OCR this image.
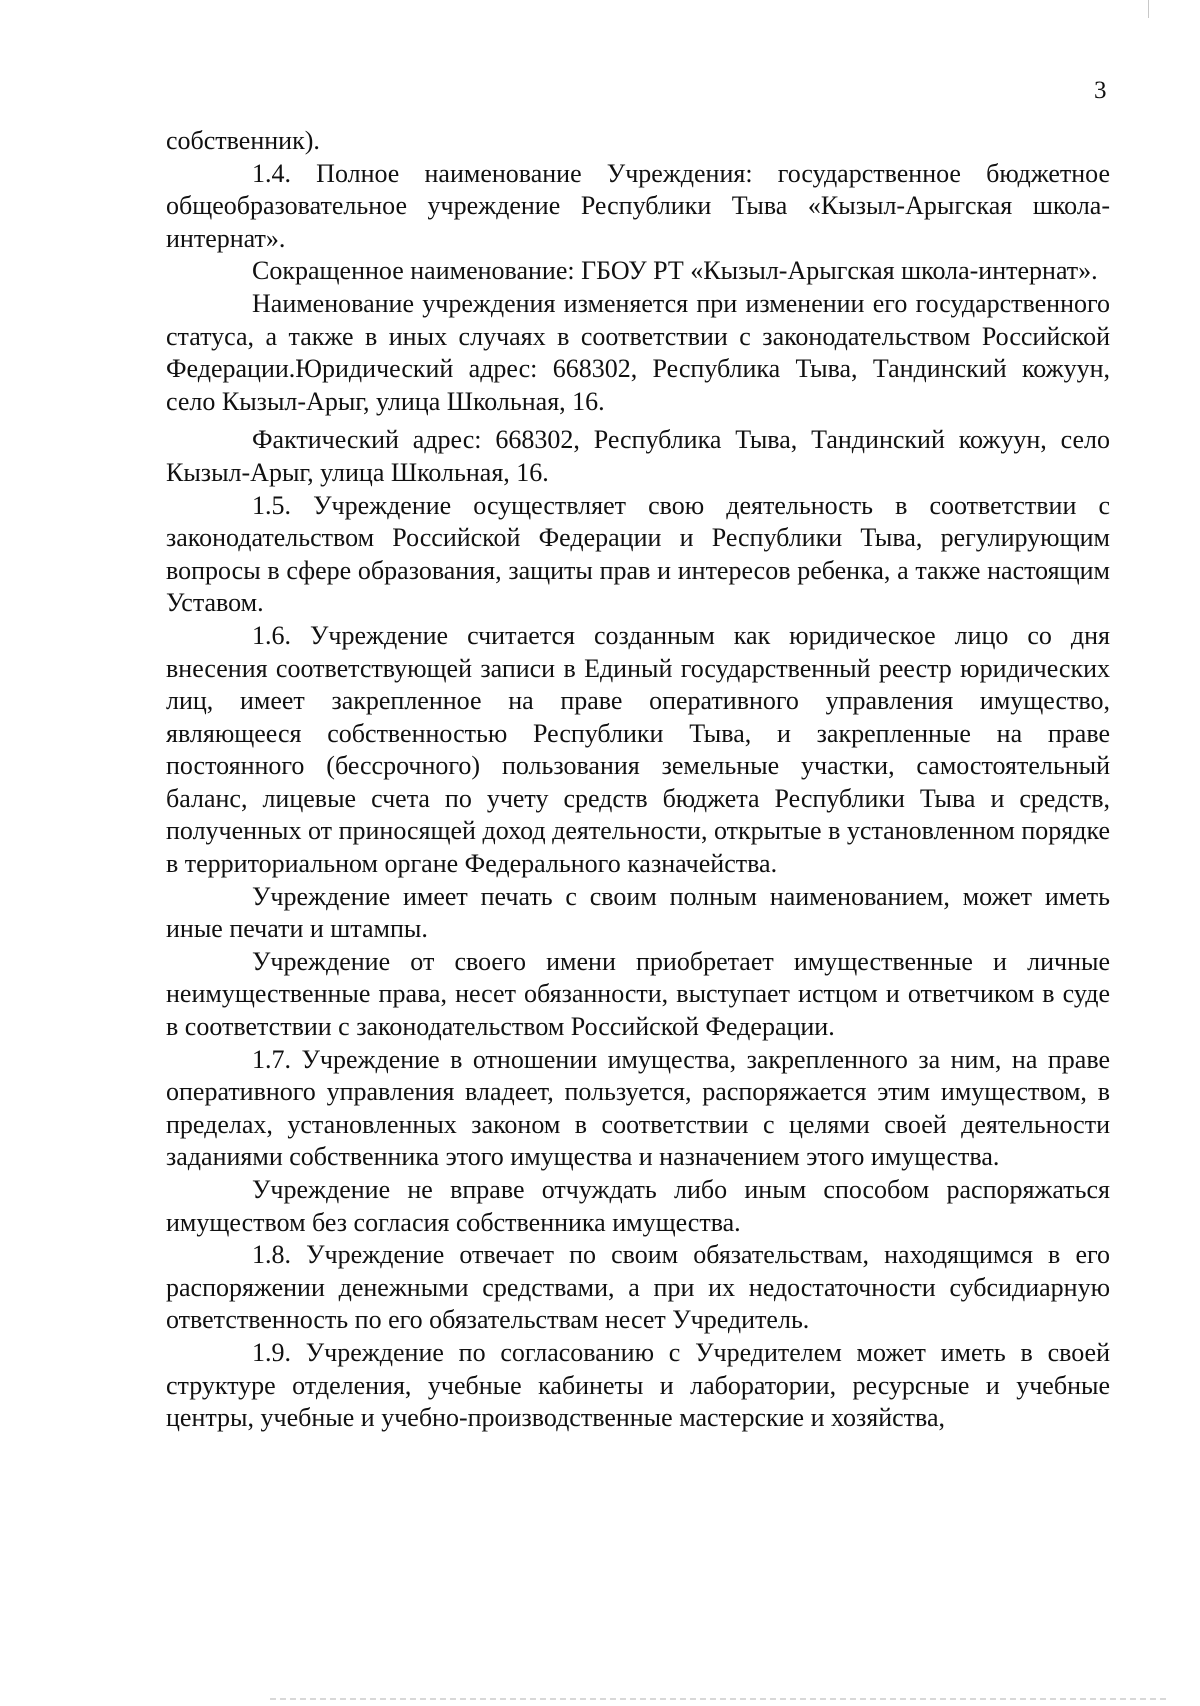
3

собственник).

1.4. Полное наименование Учреждения: государственное бюджетное общеобразовательное учреждение Республики Тыва «Кызыл-Арыгская школа-интернат».

Сокращенное наименование: ГБОУ РТ «Кызыл-Арыгская школа-интернат».

Наименование учреждения изменяется при изменении его государственного статуса, а также в иных случаях в соответствии с законодательством Российской Федерации.Юридический адрес: 668302, Республика Тыва, Тандинский кожуун, село Кызыл-Арыг, улица Школьная, 16.

Фактический адрес: 668302, Республика Тыва, Тандинский кожуун, село Кызыл-Арыг, улица Школьная, 16.

1.5. Учреждение осуществляет свою деятельность в соответствии с законодательством Российской Федерации и Республики Тыва, регулирующим вопросы в сфере образования, защиты прав и интересов ребенка, а также настоящим Уставом.

1.6. Учреждение считается созданным как юридическое лицо со дня внесения соответствующей записи в Единый государственный реестр юридических лиц, имеет закрепленное на праве оперативного управления имущество, являющееся собственностью Республики Тыва, и закрепленные на праве постоянного (бессрочного) пользования земельные участки, самостоятельный баланс, лицевые счета по учету средств бюджета Республики Тыва и средств, полученных от приносящей доход деятельности, открытые в установленном порядке в территориальном органе Федерального казначейства.

Учреждение имеет печать с своим полным наименованием, может иметь иные печати и штампы.

Учреждение от своего имени приобретает имущественные и личные неимущественные права, несет обязанности, выступает истцом и ответчиком в суде в соответствии с законодательством Российской Федерации.

1.7. Учреждение в отношении имущества, закрепленного за ним, на праве оперативного управления владеет, пользуется, распоряжается этим имуществом, в пределах, установленных законом в соответствии с целями своей деятельности заданиями собственника этого имущества и назначением этого имущества.

Учреждение не вправе отчуждать либо иным способом распоряжаться имуществом без согласия собственника имущества.

1.8. Учреждение отвечает по своим обязательствам, находящимся в его распоряжении денежными средствами, а при их недостаточности субсидиарную ответственность по его обязательствам несет Учредитель.

1.9. Учреждение по согласованию с Учредителем может иметь в своей структуре отделения, учебные кабинеты и лаборатории, ресурсные и учебные центры, учебные и учебно-производственные мастерские и хозяйства,
